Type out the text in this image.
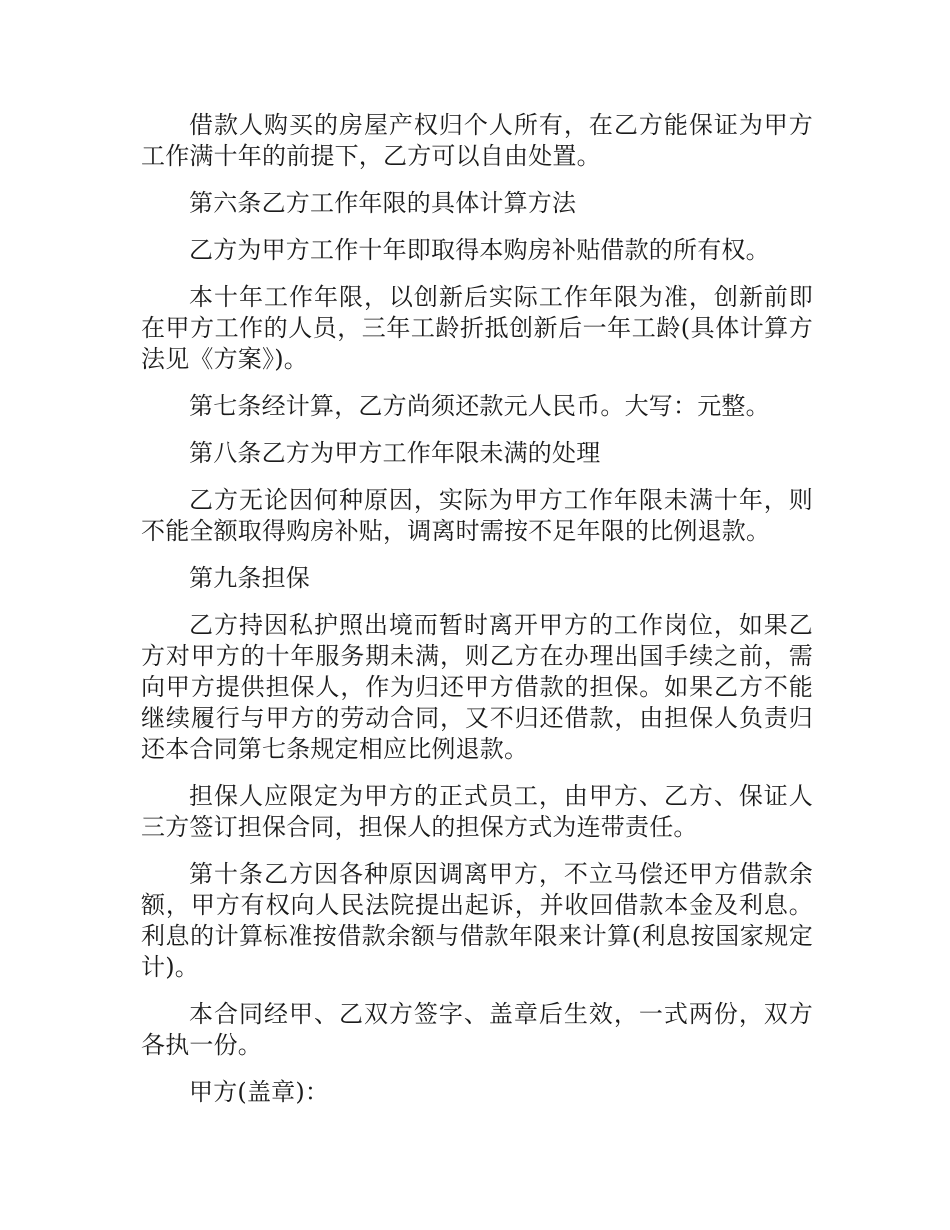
借款人购买的房屋产权归个人所有，在乙方能保证为甲方工作满十年的前提下，乙方可以自由处置。

第六条乙方工作年限的具体计算方法

乙方为甲方工作十年即取得本购房补贴借款的所有权。

本十年工作年限，以创新后实际工作年限为准，创新前即在甲方工作的人员，三年工龄折抵创新后一年工龄(具体计算方法见《方案》)。

第七条经计算，乙方尚须还款元人民币。大写：元整。

第八条乙方为甲方工作年限未满的处理

乙方无论因何种原因，实际为甲方工作年限未满十年，则不能全额取得购房补贴，调离时需按不足年限的比例退款。

第九条担保

乙方持因私护照出境而暂时离开甲方的工作岗位，如果乙方对甲方的十年服务期未满，则乙方在办理出国手续之前，需向甲方提供担保人，作为归还甲方借款的担保。如果乙方不能继续履行与甲方的劳动合同，又不归还借款，由担保人负责归还本合同第七条规定相应比例退款。

担保人应限定为甲方的正式员工，由甲方、乙方、保证人三方签订担保合同，担保人的担保方式为连带责任。

第十条乙方因各种原因调离甲方，不立马偿还甲方借款余额，甲方有权向人民法院提出起诉，并收回借款本金及利息。利息的计算标准按借款余额与借款年限来计算(利息按国家规定计)。

本合同经甲、乙双方签字、盖章后生效，一式两份，双方各执一份。

甲方(盖章)：
